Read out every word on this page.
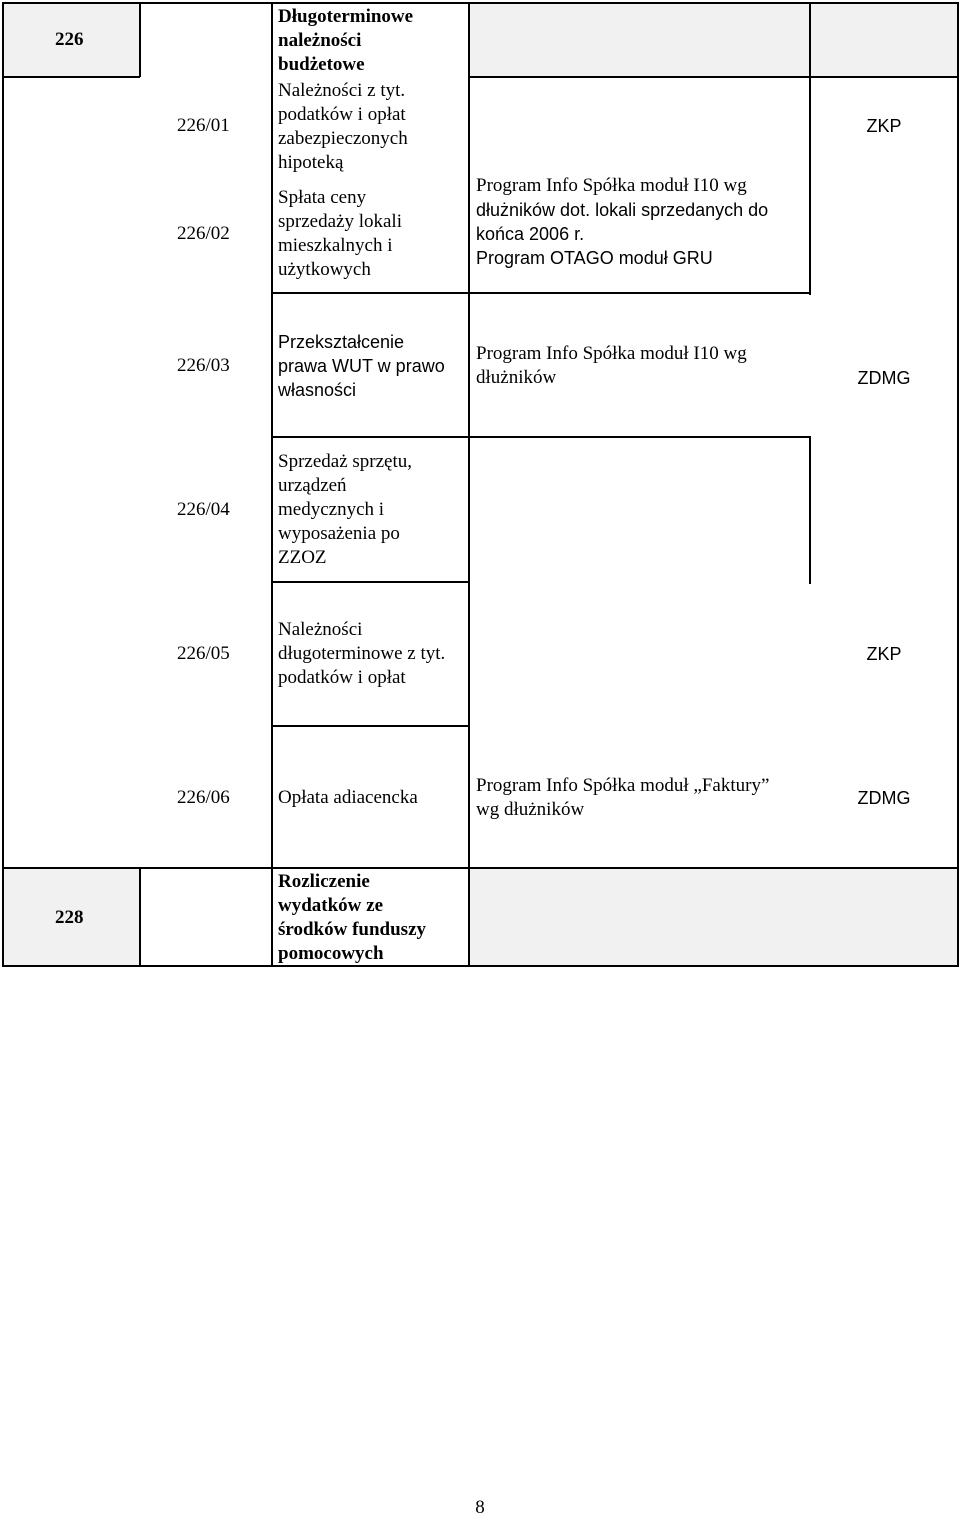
226
Długoterminowe
należności
budżetowe
226/01
Należności z tyt.
podatków i opłat
zabezpieczonych
hipoteką
226/02
Spłata ceny
sprzedaży lokali
mieszkalnych i
użytkowych
Program Info Spółka moduł I10 wg
dłużników dot. lokali sprzedanych do
końca 2006 r.
Program OTAGO moduł GRU
ZKP
226/03
Przekształcenie
prawa WUT w prawo
własności
Program Info Spółka moduł I10 wg
dłużników	ZDMG
226/04
Sprzedaż sprzętu,
urządzeń
medycznych i
wyposażenia po
ZZOZ
226/05
Należności
długoterminowe z tyt.
podatków i opłat
ZKP
226/06	Opłata adiacencka
Program Info Spółka moduł „Faktury”
wg dłużników
ZDMG
228
Rozliczenie
wydatków ze
środków funduszy
pomocowych
8
